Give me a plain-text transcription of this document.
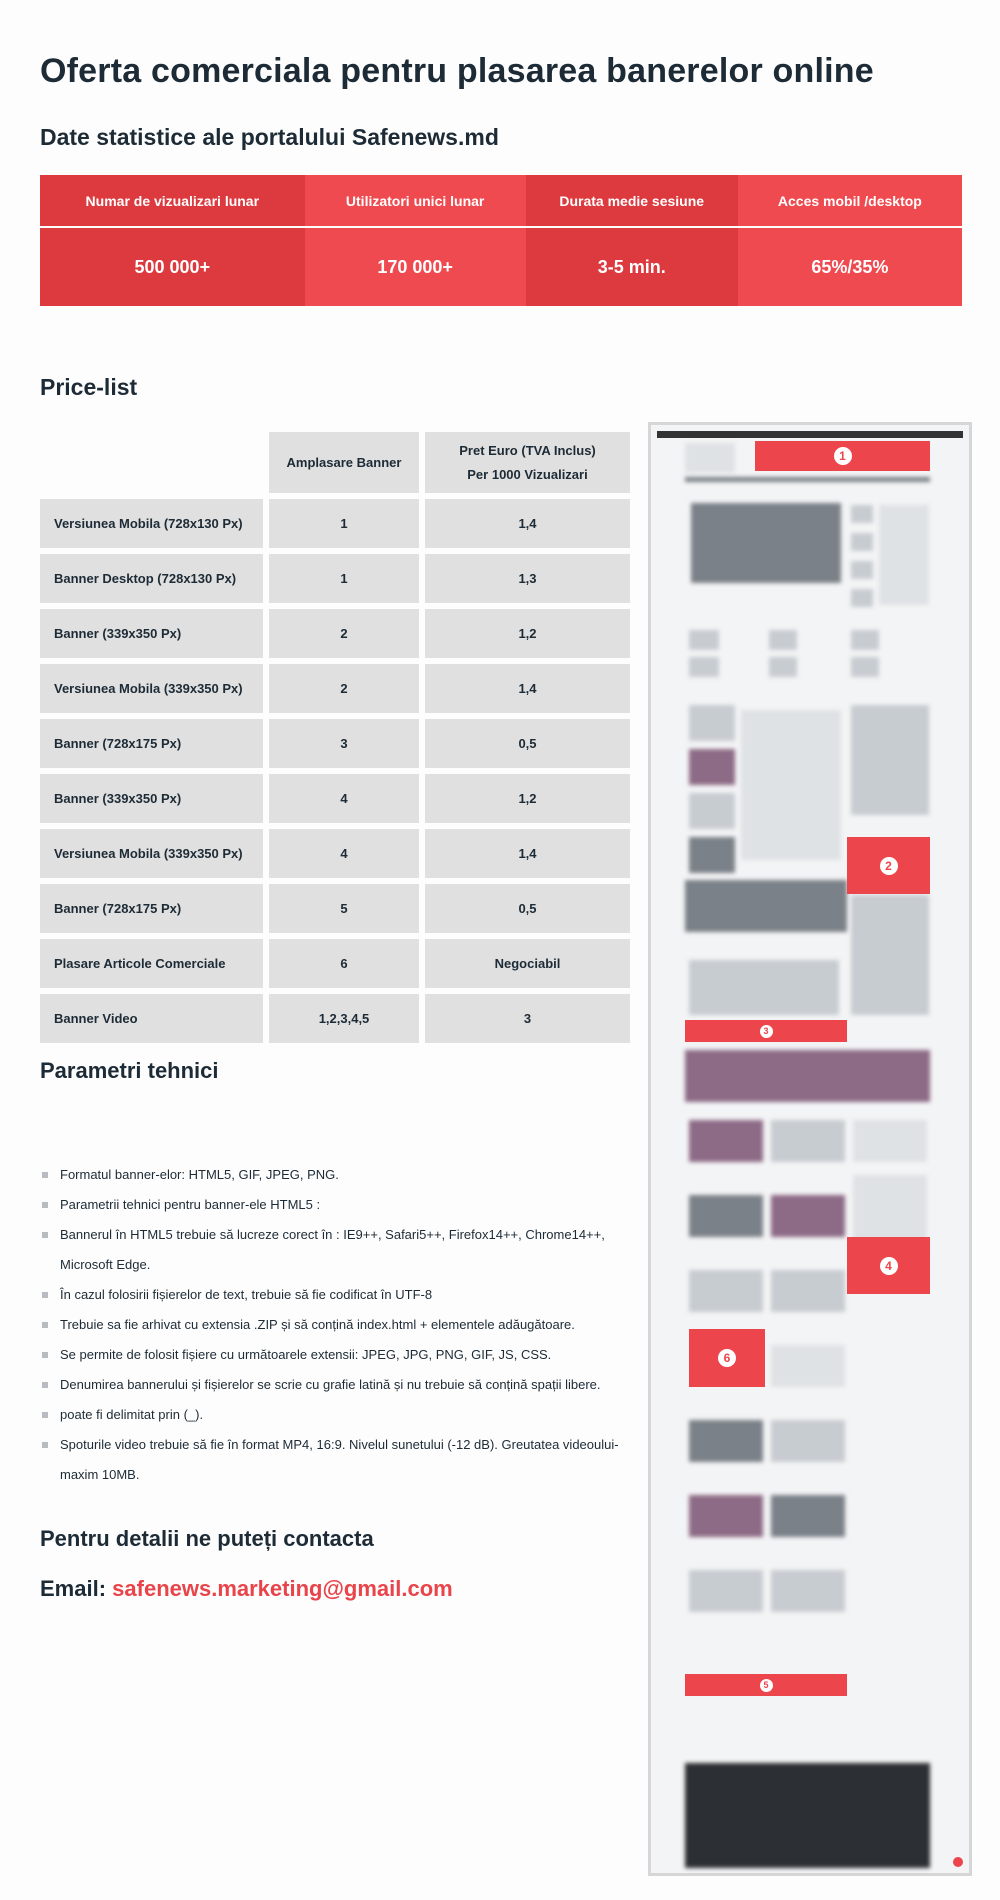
Oferta comerciala pentru plasarea banerelor online
Date statistice ale portalului Safenews.md
Numar de vizualizari lunar	Utilizatori unici lunar	Durata medie sesiune	Acces mobil /desktop
500 000+	170 000+	3-5 min.	65%/35%
Price-list
	Amplasare Banner	Pret Euro (TVA Inclus)
Per 1000 Vizualizari
Versiunea Mobila (728x130 Px)	1	1,4
Banner Desktop (728x130 Px)	1	1,3
Banner (339x350 Px)	2	1,2
Versiunea Mobila (339x350 Px)	2	1,4
Banner (728x175 Px)	3	0,5
Banner (339x350 Px)	4	1,2
Versiunea Mobila (339x350 Px)	4	1,4
Banner (728x175 Px)	5	0,5
Plasare Articole Comerciale	6	Negociabil
Banner Video	1,2,3,4,5	3
Parametri tehnici
Formatul banner-elor: HTML5, GIF, JPEG, PNG.
Parametrii tehnici pentru banner-ele HTML5 :
Bannerul în HTML5 trebuie să lucreze corect în : IE9++, Safari5++, Firefox14++, Chrome14++, Microsoft Edge.
În cazul folosirii fișierelor de text, trebuie să fie codificat în UTF-8
Trebuie sa fie arhivat cu extensia .ZIP și să conțină index.html + elementele adăugătoare.
Se permite de folosit fișiere cu următoarele extensii: JPEG, JPG, PNG, GIF, JS, CSS.
Denumirea bannerului și fișierelor se scrie cu grafie latină și nu trebuie să conțină spații libere.
poate fi delimitat prin (_).
Spoturile video trebuie să fie în format MP4, 16:9. Nivelul sunetului (-12 dB). Greutatea videoului- maxim 10MB.
Pentru detalii ne puteți contacta
Email: safenews.marketing@gmail.com
1
2
3
4
6
5
